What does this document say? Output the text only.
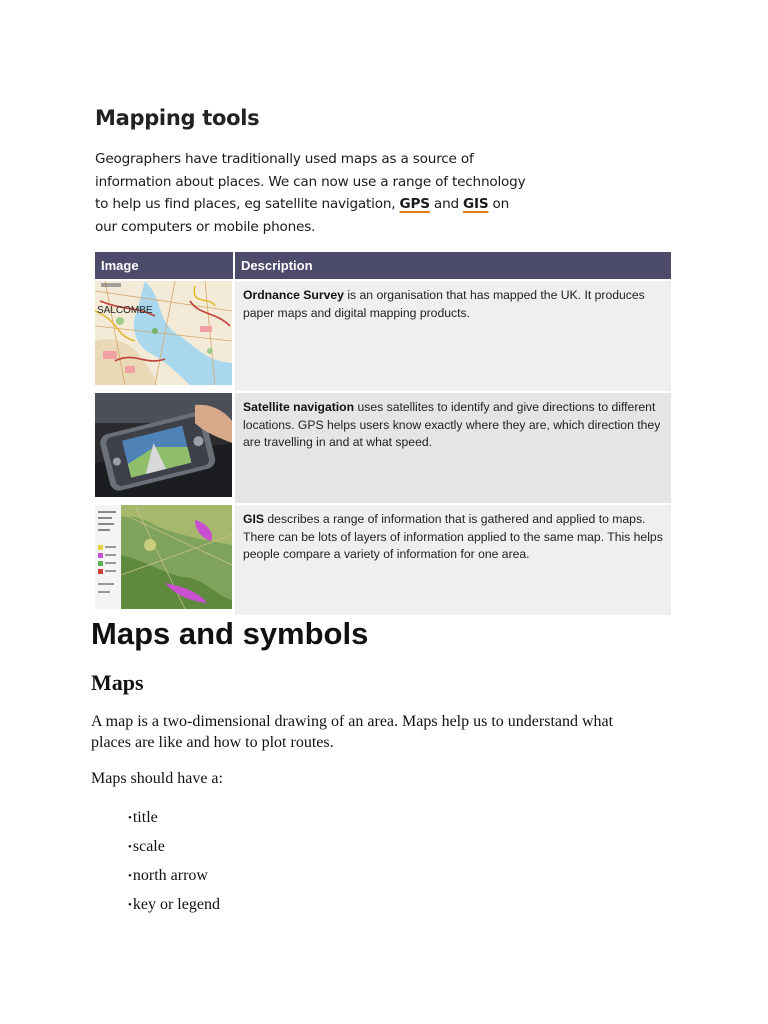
Mapping tools

Geographers have traditionally used maps as a source of
information about places. We can now use a range of technology
to help us find places, eg satellite navigation, GPS and GIS on
our computers or mobile phones.

Image	Description

SALCOMBE	Ordnance Survey is an organisation that has mapped the UK. It produces paper maps and digital mapping products.

	Satellite navigation uses satellites to identify and give directions to different locations. GPS helps users know exactly where they are, which direction they are travelling in and at what speed.

	GIS describes a range of information that is gathered and applied to maps. There can be lots of layers of information applied to the same map. This helps people compare a variety of information for one area.
Maps and symbols
Maps

A map is a two-dimensional drawing of an area. Maps help us to understand what
places are like and how to plot routes.

Maps should have a:

•title
•scale
•north arrow
•key or legend
